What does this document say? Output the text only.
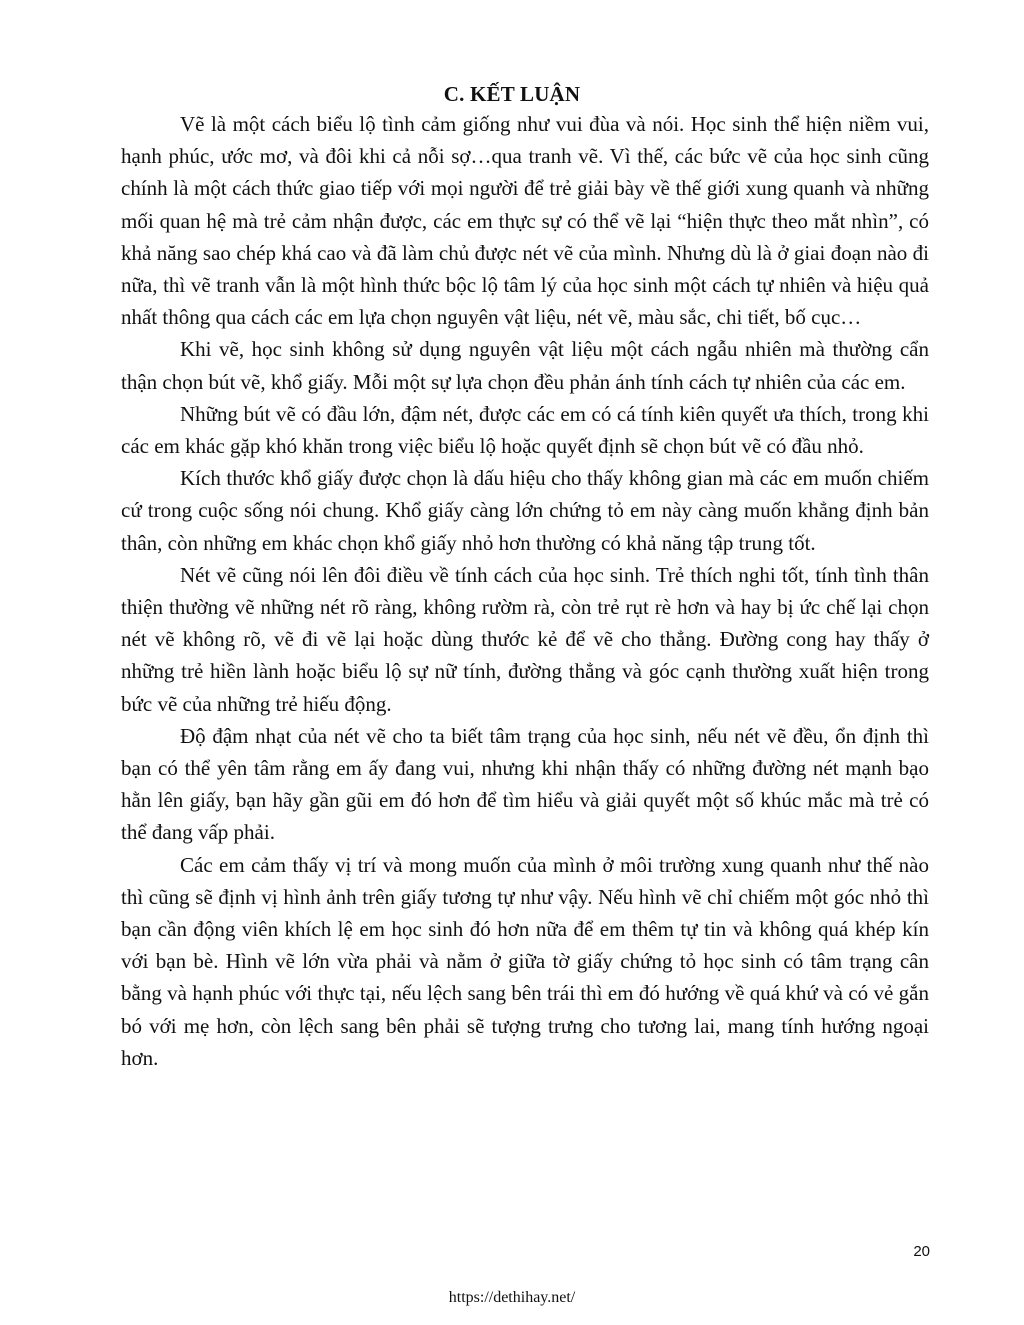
C. KẾT LUẬN

Vẽ là một cách biểu lộ tình cảm giống như vui đùa và nói. Học sinh thể hiện niềm vui, hạnh phúc, ước mơ, và đôi khi cả nỗi sợ…qua tranh vẽ. Vì thế, các bức vẽ của học sinh cũng chính là một cách thức giao tiếp với mọi người để trẻ giải bày về thế giới xung quanh và những mối quan hệ mà trẻ cảm nhận được, các em thực sự có thể vẽ lại “hiện thực theo mắt nhìn”, có khả năng sao chép khá cao và đã làm chủ được nét vẽ của mình. Nhưng dù là ở giai đoạn nào đi nữa, thì vẽ tranh vẫn là một hình thức bộc lộ tâm lý của học sinh một cách tự nhiên và hiệu quả nhất thông qua cách các em lựa chọn nguyên vật liệu, nét vẽ, màu sắc, chi tiết, bố cục…

Khi vẽ, học sinh không sử dụng nguyên vật liệu một cách ngẫu nhiên mà thường cẩn thận chọn bút vẽ, khổ giấy. Mỗi một sự lựa chọn đều phản ánh tính cách tự nhiên của các em.

Những bút vẽ có đầu lớn, đậm nét, được các em có cá tính kiên quyết ưa thích, trong khi các em khác gặp khó khăn trong việc biểu lộ hoặc quyết định sẽ chọn bút vẽ có đầu nhỏ.

Kích thước khổ giấy được chọn là dấu hiệu cho thấy không gian mà các em muốn chiếm cứ trong cuộc sống nói chung. Khổ giấy càng lớn chứng tỏ em này càng muốn khẳng định bản thân, còn những em khác chọn khổ giấy nhỏ hơn thường có khả năng tập trung tốt.

Nét vẽ cũng nói lên đôi điều về tính cách của học sinh. Trẻ thích nghi tốt, tính tình thân thiện thường vẽ những nét rõ ràng, không rườm rà, còn trẻ rụt rè hơn và hay bị ức chế lại chọn nét vẽ không rõ, vẽ đi vẽ lại hoặc dùng thước kẻ để vẽ cho thẳng. Đường cong hay thấy ở những trẻ hiền lành hoặc biểu lộ sự nữ tính, đường thẳng và góc cạnh thường xuất hiện trong bức vẽ của những trẻ hiếu động.

Độ đậm nhạt của nét vẽ cho ta biết tâm trạng của học sinh, nếu nét vẽ đều, ổn định thì bạn có thể yên tâm rằng em ấy đang vui, nhưng khi nhận thấy có những đường nét mạnh bạo hằn lên giấy, bạn hãy gần gũi em đó hơn để tìm hiểu và giải quyết một số khúc mắc mà trẻ có thể đang vấp phải.

Các em cảm thấy vị trí và mong muốn của mình ở môi trường xung quanh như thế nào thì cũng sẽ định vị hình ảnh trên giấy tương tự như vậy. Nếu hình vẽ chỉ chiếm một góc nhỏ thì bạn cần động viên khích lệ em học sinh đó hơn nữa để em thêm tự tin và không quá khép kín với bạn bè. Hình vẽ lớn vừa phải và nằm ở giữa tờ giấy chứng tỏ học sinh có tâm trạng cân bằng và hạnh phúc với thực tại, nếu lệch sang bên trái thì em đó hướng về quá khứ và có vẻ gắn bó với mẹ hơn, còn lệch sang bên phải sẽ tượng trưng cho tương lai, mang tính hướng ngoại hơn.

20
https://dethihay.net/
